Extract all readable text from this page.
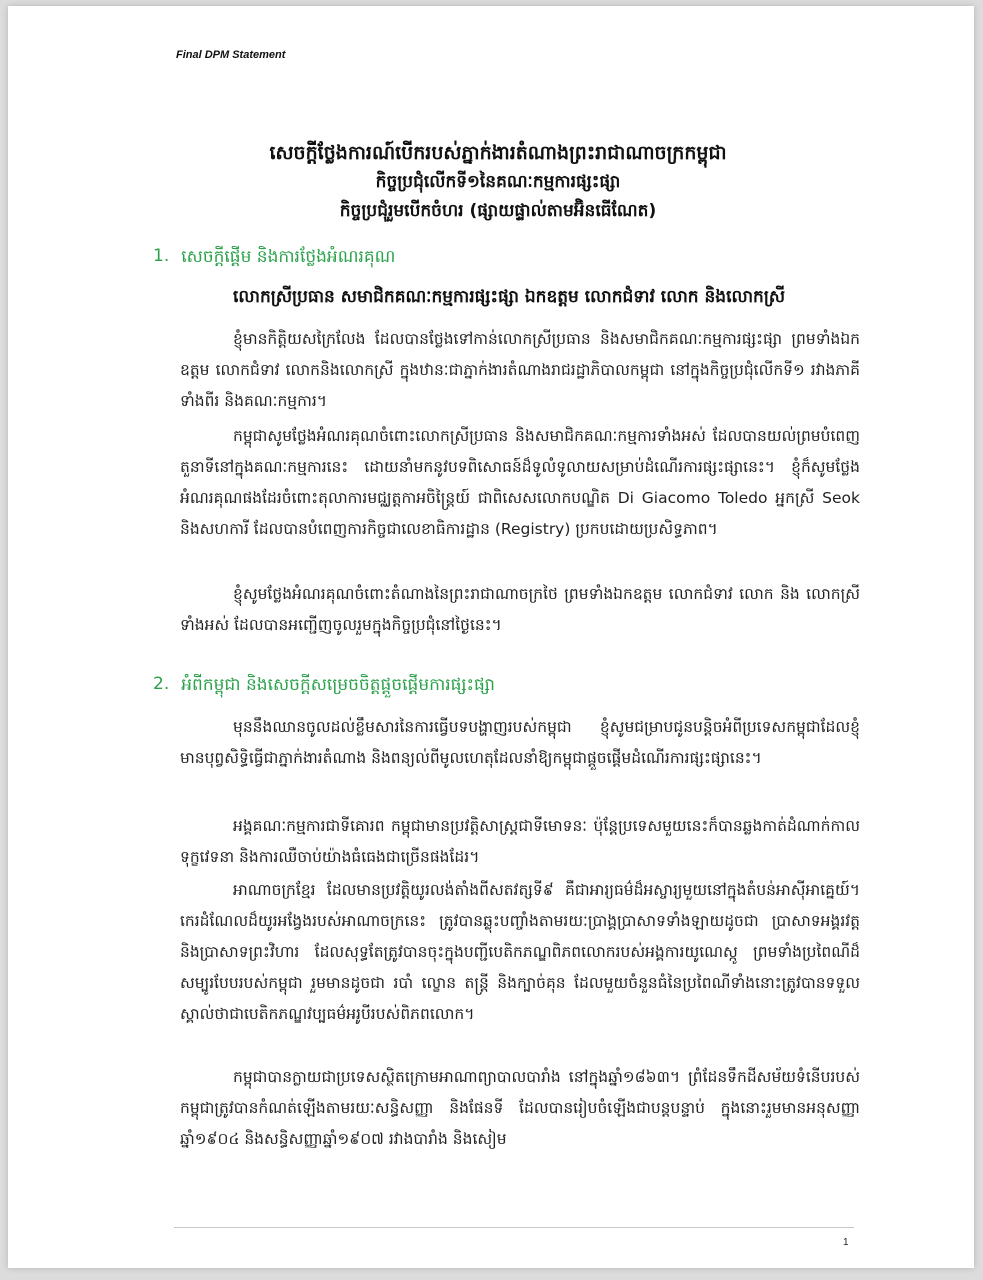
Final DPM Statement
សេចក្តីថ្លែងការណ៍បើករបស់ភ្នាក់ងារតំណាងព្រះរាជាណាចក្រកម្ពុជា
កិច្ចប្រជុំលើកទី១នៃគណៈកម្មការផ្សះផ្សា
កិច្ចប្រជុំរួមបើកចំហរ (ផ្សាយផ្ទាល់តាមអ៊ិនធើណែត)
1. សេចក្តីផ្តើម និងការថ្លែងអំណរគុណ
លោកស្រីប្រធាន សមាជិកគណៈកម្មការផ្សះផ្សា ឯកឧត្តម លោកជំទាវ លោក និងលោកស្រី
ខ្ញុំមានកិត្តិយសក្រៃលែង ដែលបានថ្លែងទៅកាន់លោកស្រីប្រធាន និងសមាជិកគណៈកម្មការផ្សះផ្សា ព្រមទាំងឯកឧត្តម លោកជំទាវ លោកនិងលោកស្រី ក្នុងឋានៈជាភ្នាក់ងារតំណាងរាជរដ្ឋាភិបាលកម្ពុជា នៅក្នុងកិច្ចប្រជុំលើកទី១ រវាងភាគីទាំងពីរ និងគណៈកម្មការ។
កម្ពុជាសូមថ្លែងអំណរគុណចំពោះលោកស្រីប្រធាន និងសមាជិកគណៈកម្មការទាំងអស់ ដែលបានយល់ព្រមបំពេញតួនាទីនៅក្នុងគណៈកម្មការនេះ ដោយនាំមកនូវបទពិសោធន៍ដ៏ទូលំទូលាយសម្រាប់ដំណើរការផ្សះផ្សានេះ។ ខ្ញុំក៏សូមថ្លែងអំណរគុណផងដែរចំពោះតុលាការមជ្ឈត្តកាអចិន្ត្រៃយ៍ ជាពិសេសលោកបណ្ឌិត Di Giacomo Toledo អ្នកស្រី Seok និងសហការី ដែលបានបំពេញការកិច្ចជាលេខាធិការដ្ឋាន (Registry) ប្រកបដោយប្រសិទ្ធភាព។
ខ្ញុំសូមថ្លែងអំណរគុណចំពោះតំណាងនៃព្រះរាជាណាចក្រថៃ ព្រមទាំងឯកឧត្តម លោកជំទាវ លោក និង លោកស្រីទាំងអស់ ដែលបានអញ្ជើញចូលរួមក្នុងកិច្ចប្រជុំនៅថ្ងៃនេះ។
2. អំពីកម្ពុជា និងសេចក្តីសម្រេចចិត្តផ្តួចផ្តើមការផ្សះផ្សា
មុននឹងឈានចូលដល់ខ្លឹមសារនៃការធ្វើបទបង្ហាញរបស់កម្ពុជា ខ្ញុំសូមជម្រាបជូនបន្តិចអំពីប្រទេសកម្ពុជាដែលខ្ញុំមានបុព្វសិទ្ធិធ្វើជាភ្នាក់ងារតំណាង និងពន្យល់ពីមូលហេតុដែលនាំឱ្យកម្ពុជាផ្តួចផ្តើមដំណើរការផ្សះផ្សានេះ។
អង្គគណៈកម្មការជាទីគោរព កម្ពុជាមានប្រវត្តិសាស្ត្រជាទីមោទនៈ ប៉ុន្តែប្រទេសមួយនេះក៏បានឆ្លងកាត់ដំណាក់កាលទុក្ខវេទនា និងការឈឺចាប់យ៉ាងធំធេងជាច្រើនផងដែរ។
អាណាចក្រខ្មែរ ដែលមានប្រវត្តិយូរលង់តាំងពីសតវត្សទី៩ គឺជាអារ្យធម៌ដ៏អស្ចារ្យមួយនៅក្នុងតំបន់អាស៊ីអាគ្នេយ៍។ កេរដំណែលដ៏យូរអង្វែងរបស់អាណាចក្រនេះ ត្រូវបានឆ្លុះបញ្ចាំងតាមរយៈប្រាង្គប្រាសាទទាំងឡាយដូចជា ប្រាសាទអង្គរវត្ត និងប្រាសាទព្រះវិហារ ដែលសុទ្ធតែត្រូវបានចុះក្នុងបញ្ជីបេតិកភណ្ឌពិភពលោករបស់អង្គការយូណេស្កូ ព្រមទាំងប្រពៃណីដ៏សម្បូរបែបរបស់កម្ពុជា រួមមានដូចជា របាំ ល្ខោន តន្ត្រី និងក្បាច់គុន ដែលមួយចំនួនធំនៃប្រពៃណីទាំងនោះត្រូវបានទទួលស្គាល់ថាជាបេតិកភណ្ឌវប្បធម៌អរូបីរបស់ពិភពលោក។
កម្ពុជាបានក្លាយជាប្រទេសស្ថិតក្រោមអាណាព្យាបាលបារាំង នៅក្នុងឆ្នាំ១៨៦៣។ ព្រំដែនទឹកដីសម័យទំនើបរបស់កម្ពុជាត្រូវបានកំណត់ឡើងតាមរយៈសន្ធិសញ្ញា និងផែនទី ដែលបានរៀបចំឡើងជាបន្តបន្ទាប់ ក្នុងនោះរួមមានអនុសញ្ញាឆ្នាំ១៩០៤ និងសន្ធិសញ្ញាឆ្នាំ១៩០៧ រវាងបារាំង និងសៀម
1
